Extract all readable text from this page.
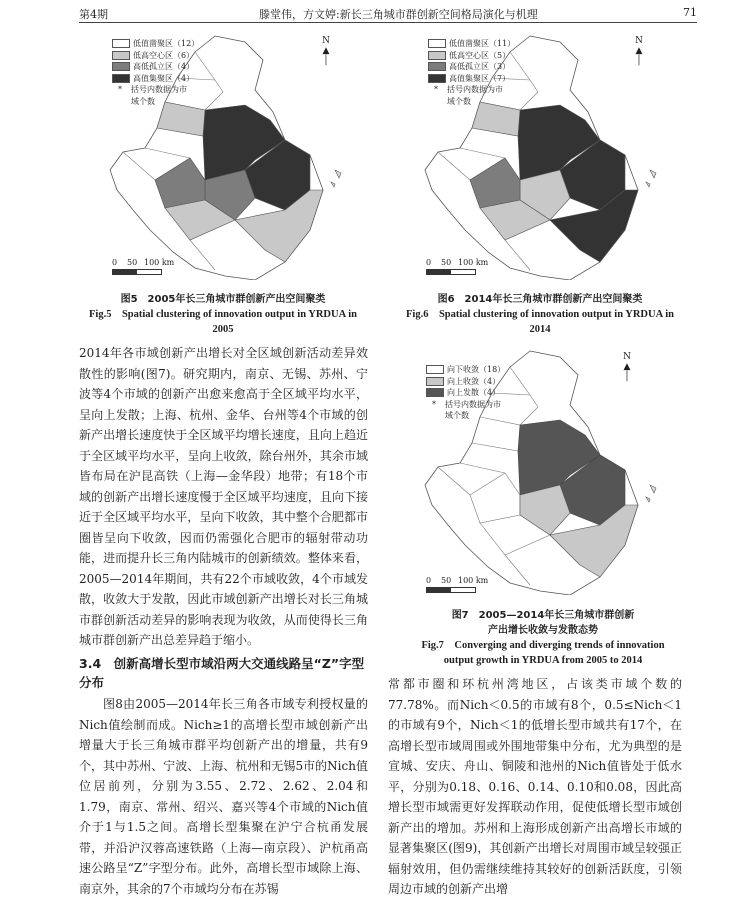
第4期	滕堂伟，方文婷:新长三角城市群创新空间格局演化与机理	71
低值凿聚区（12）
低高空心区（6）
高低孤立区（4）
高值集聚区（4）
*	括号内数据为市域个数
N
▲
│
0 50 100 km
图5　2005年长三角城市群创新产出空间聚类
Fig.5　Spatial clustering of innovation output in YRDUA in 2005
低值凿聚区（11）
低高空心区（5）
高低孤立区（3）
高值集聚区（7）
*	括号内数据为市域个数
N
▲
│
0 50 100 km
图6　2014年长三角城市群创新产出空间聚类
Fig.6　Spatial clustering of innovation output in YRDUA in 2014
向下收敛（18）
向上收敛（4）
向上发散（4）
*	括号内数据为市域个数
N
▲
│
0 50 100 km
图7　2005—2014年长三角城市群创新
产出增长收敛与发散态势
Fig.7　Converging and diverging trends of innovation
output growth in YRDUA from 2005 to 2014
2014年各市域创新产出增长对全区域创新活动差异效散性的影响(图7)。研究期内，南京、无锡、苏州、宁波等4个市域的创新产出愈来愈高于全区域平均水平，呈向上发散；上海、杭州、金华、台州等4个市域的创新产出增长速度快于全区域平均增长速度，且向上趋近于全区域平均水平，呈向上收敛，除台州外，其余市域皆布局在沪昆高铁（上海—金华段）地带；有18个市域的创新产出增长速度慢于全区域平均速度，且向下接近于全区域平均水平，呈向下收敛，其中整个合肥都市圈皆呈向下收敛，因而仍需强化合肥市的辐射带动功能，进而提升长三角内陆城市的创新绩效。整体来看，2005—2014年期间，共有22个市域收敛，4个市域发散，收敛大于发散，因此市域创新产出增长对长三角城市群创新活动差异的影响表现为收敛，从而使得长三角城市群创新产出总差异趋于缩小。
3.4　创新高增长型市域沿两大交通线路呈“Z”字型分布
图8由2005—2014年长三角各市域专利授权量的Nich值绘制而成。Nich≥1的高增长型市域创新产出增量大于长三角城市群平均创新产出的增量，共有9个，其中苏州、宁波、上海、杭州和无锡5市的Nich值位居前列，分别为3.55、2.72、2.62、2.04和1.79，南京、常州、绍兴、嘉兴等4个市域的Nich值介于1与1.5之间。高增长型集聚在沪宁合杭甬发展带，并沿沪汉蓉高速铁路（上海—南京段）、沪杭甬高速公路呈“Z”字型分布。此外，高增长型市域除上海、南京外，其余的7个市域均分布在苏锡
常都市圈和环杭州湾地区，占该类市域个数的77.78%。而Nich＜0.5的市域有8个，0.5≤Nich＜1的市域有9个，Nich＜1的低增长型市域共有17个，在高增长型市域周围或外围地带集中分布，尤为典型的是宣城、安庆、舟山、铜陵和池州的Nich值皆处于低水平，分别为0.18、0.16、0.14、0.10和0.08，因此高增长型市域需更好发挥联动作用，促使低增长型市域创新产出的增加。苏州和上海形成创新产出高增长市域的显著集聚区(图9)，其创新产出增长对周围市域呈较强正辐射效用，但仍需继续维持其较好的创新活跃度，引领周边市域的创新产出增
